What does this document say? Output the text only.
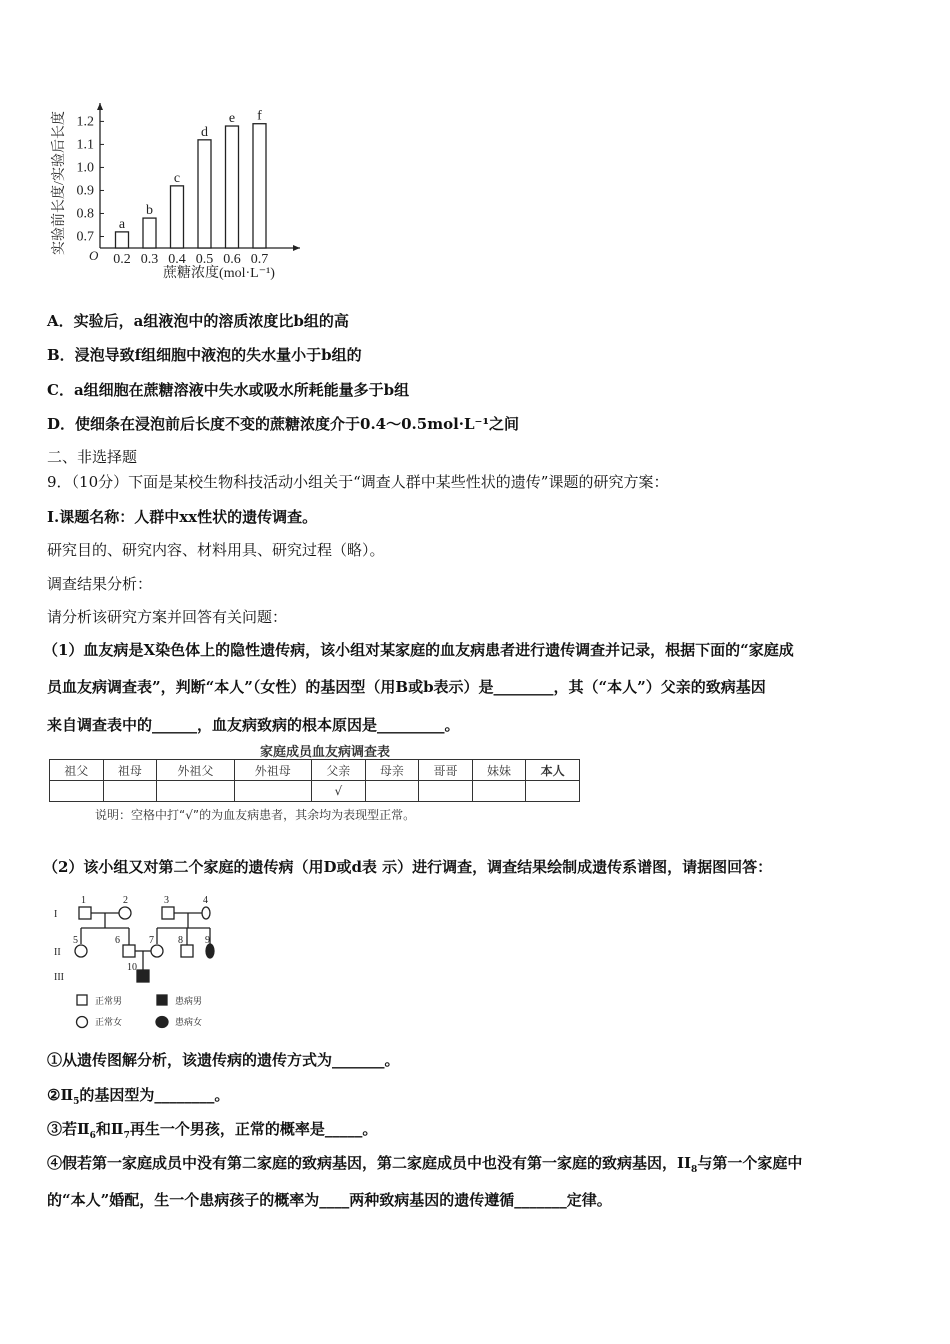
0.7
0.8
0.9
1.0
1.1
1.2
a
0.2
b
0.3
c
0.4
d
0.5
e
0.6
f
0.7
实验前长度/实验后长度
O
蔗糖浓度(mol·L⁻¹)
A．实验后，a组液泡中的溶质浓度比b组的高
B．浸泡导致f组细胞中液泡的失水量小于b组的
C．a组细胞在蔗糖溶液中失水或吸水所耗能量多于b组
D．使细条在浸泡前后长度不变的蔗糖浓度介于0.4～0.5mol·L⁻¹之间
二、非选择题
9．（10分）下面是某校生物科技活动小组关于“调查人群中某些性状的遗传”课题的研究方案：
I.课题名称：人群中xx性状的遗传调查。
研究目的、研究内容、材料用具、研究过程（略）。
调查结果分析：
请分析该研究方案并回答有关问题：
（1）血友病是X染色体上的隐性遗传病，该小组对某家庭的血友病患者进行遗传调查并记录，根据下面的“家庭成
员血友病调查表”，判断“本人”（女性）的基因型（用B或b表示）是________，其（“本人”）父亲的致病基因
来自调查表中的______，血友病致病的根本原因是_________。
家庭成员血友病调查表
祖父	祖母	外祖父	外祖母	父亲	母亲	哥哥	妹妹	本人
				√				
说明：空格中打“√”的为血友病患者，其余均为表现型正常。
（2）该小组又对第二个家庭的遗传病（用D或d表 示）进行调查，调查结果绘制成遗传系谱图，请据图回答：
I
II
III
1	2	3	4
5	6	7 8 9
10
正常男	患病男
正常女	患病女
①从遗传图解分析，该遗传病的遗传方式为_______。
$②Ⅱ_5$的基因型为________。
③若$Ⅱ_6$和$Ⅱ_7$再生一个男孩，正常的概率是_____。
④假若第一家庭成员中没有第二家庭的致病基因，第二家庭成员中也没有第一家庭的致病基因，$II_8$与第一个家庭中
的“本人”婚配，生一个患病孩子的概率为____两种致病基因的遗传遵循_______定律。
